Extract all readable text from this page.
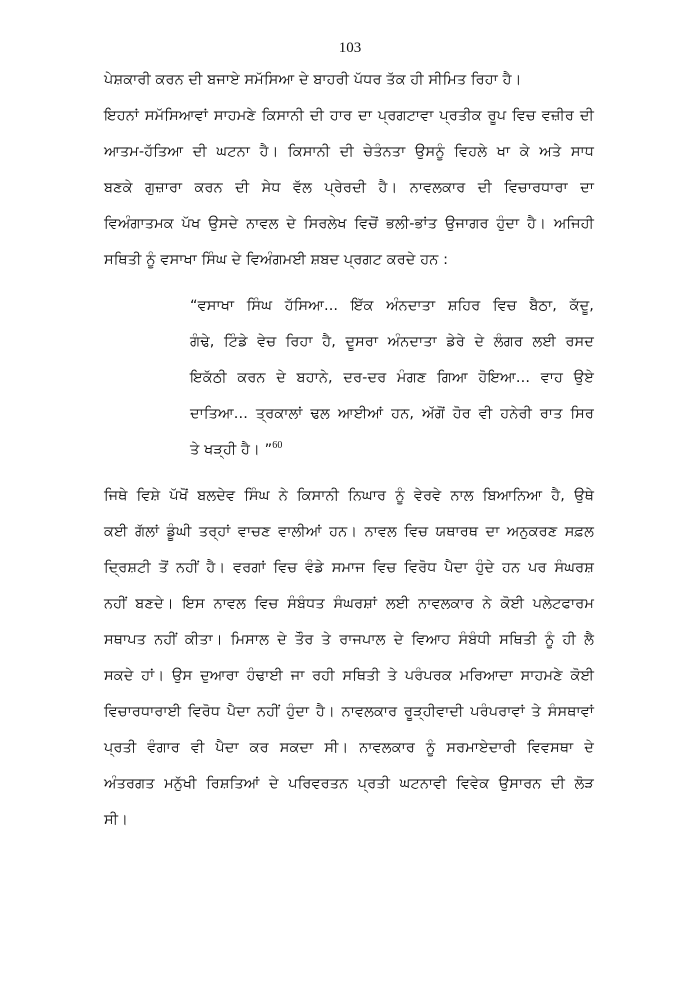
103
ਪੇਸ਼ਕਾਰੀ ਕਰਨ ਦੀ ਬਜਾਏ ਸਮੱਸਿਆ ਦੇ ਬਾਹਰੀ ਪੱਧਰ ਤੱਕ ਹੀ ਸੀਮਿਤ ਰਿਹਾ ਹੈ।
ਇਹਨਾਂ ਸਮੱਸਿਆਵਾਂ ਸਾਹਮਣੇ ਕਿਸਾਨੀ ਦੀ ਹਾਰ ਦਾ ਪ੍ਰਗਟਾਵਾ ਪ੍ਰਤੀਕ ਰੂਪ ਵਿਚ ਵਜ਼ੀਰ ਦੀ
ਆਤਮ-ਹੱਤਿਆ ਦੀ ਘਟਨਾ ਹੈ। ਕਿਸਾਨੀ ਦੀ ਚੇਤੰਨਤਾ ਉਸਨੂੰ ਵਿਹਲੇ ਖਾ ਕੇ ਅਤੇ ਸਾਧ
ਬਣਕੇ ਗੁਜ਼ਾਰਾ ਕਰਨ ਦੀ ਸੇਧ ਵੱਲ ਪ੍ਰੇਰਦੀ ਹੈ। ਨਾਵਲਕਾਰ ਦੀ ਵਿਚਾਰਧਾਰਾ ਦਾ
ਵਿਅੰਗਾਤਮਕ ਪੱਖ ਉਸਦੇ ਨਾਵਲ ਦੇ ਸਿਰਲੇਖ ਵਿਚੋਂ ਭਲੀ-ਭਾਂਤ ਉਜਾਗਰ ਹੁੰਦਾ ਹੈ। ਅਜਿਹੀ
ਸਥਿਤੀ ਨੂੰ ਵਸਾਖਾ ਸਿੰਘ ਦੇ ਵਿਅੰਗਮਈ ਸ਼ਬਦ ਪ੍ਰਗਟ ਕਰਦੇ ਹਨ :
“ਵਸਾਖਾ ਸਿੰਘ ਹੱਸਿਆ... ਇੱਕ ਅੰਨਦਾਤਾ ਸ਼ਹਿਰ ਵਿਚ ਬੈਠਾ, ਕੱਦੂ,
ਗੰਢੇ, ਟਿੰਡੇ ਵੇਚ ਰਿਹਾ ਹੈ, ਦੂਸਰਾ ਅੰਨਦਾਤਾ ਡੇਰੇ ਦੇ ਲੰਗਰ ਲਈ ਰਸਦ
ਇਕੱਠੀ ਕਰਨ ਦੇ ਬਹਾਨੇ, ਦਰ-ਦਰ ਮੰਗਣ ਗਿਆ ਹੋਇਆ... ਵਾਹ ਉਏ
ਦਾਤਿਆ... ਤ੍ਰਕਾਲਾਂ ਢਲ ਆਈਆਂ ਹਨ, ਅੱਗੋਂ ਹੋਰ ਵੀ ਹਨੇਰੀ ਰਾਤ ਸਿਰ
ਤੇ ਖੜ੍ਹੀ ਹੈ। ”$^{60}$
ਜਿਥੇ ਵਿਸ਼ੇ ਪੱਖੋਂ ਬਲਦੇਵ ਸਿੰਘ ਨੇ ਕਿਸਾਨੀ ਨਿਘਾਰ ਨੂੰ ਵੇਰਵੇ ਨਾਲ ਬਿਆਨਿਆ ਹੈ, ਉਥੇ
ਕਈ ਗੱਲਾਂ ਡੂੰਘੀ ਤਰ੍ਹਾਂ ਵਾਚਣ ਵਾਲੀਆਂ ਹਨ। ਨਾਵਲ ਵਿਚ ਯਥਾਰਥ ਦਾ ਅਨੁਕਰਣ ਸਫ਼ਲ
ਦ੍ਰਿਸ਼ਟੀ ਤੋਂ ਨਹੀਂ ਹੈ। ਵਰਗਾਂ ਵਿਚ ਵੰਡੇ ਸਮਾਜ ਵਿਚ ਵਿਰੋਧ ਪੈਦਾ ਹੁੰਦੇ ਹਨ ਪਰ ਸੰਘਰਸ਼
ਨਹੀਂ ਬਣਦੇ। ਇਸ ਨਾਵਲ ਵਿਚ ਸੰਬੰਧਤ ਸੰਘਰਸ਼ਾਂ ਲਈ ਨਾਵਲਕਾਰ ਨੇ ਕੋਈ ਪਲੇਟਫਾਰਮ
ਸਥਾਪਤ ਨਹੀਂ ਕੀਤਾ। ਮਿਸਾਲ ਦੇ ਤੌਰ ਤੇ ਰਾਜਪਾਲ ਦੇ ਵਿਆਹ ਸੰਬੰਧੀ ਸਥਿਤੀ ਨੂੰ ਹੀ ਲੈ
ਸਕਦੇ ਹਾਂ। ਉਸ ਦੁਆਰਾ ਹੰਢਾਈ ਜਾ ਰਹੀ ਸਥਿਤੀ ਤੇ ਪਰੰਪਰਕ ਮਰਿਆਦਾ ਸਾਹਮਣੇ ਕੋਈ
ਵਿਚਾਰਧਾਰਾਈ ਵਿਰੋਧ ਪੈਦਾ ਨਹੀਂ ਹੁੰਦਾ ਹੈ। ਨਾਵਲਕਾਰ ਰੂੜ੍ਹੀਵਾਦੀ ਪਰੰਪਰਾਵਾਂ ਤੇ ਸੰਸਥਾਵਾਂ
ਪ੍ਰਤੀ ਵੰਗਾਰ ਵੀ ਪੈਦਾ ਕਰ ਸਕਦਾ ਸੀ। ਨਾਵਲਕਾਰ ਨੂੰ ਸਰਮਾਏਦਾਰੀ ਵਿਵਸਥਾ ਦੇ
ਅੰਤਰਗਤ ਮਨੁੱਖੀ ਰਿਸ਼ਤਿਆਂ ਦੇ ਪਰਿਵਰਤਨ ਪ੍ਰਤੀ ਘਟਨਾਵੀ ਵਿਵੇਕ ਉਸਾਰਨ ਦੀ ਲੋੜ
ਸੀ।
